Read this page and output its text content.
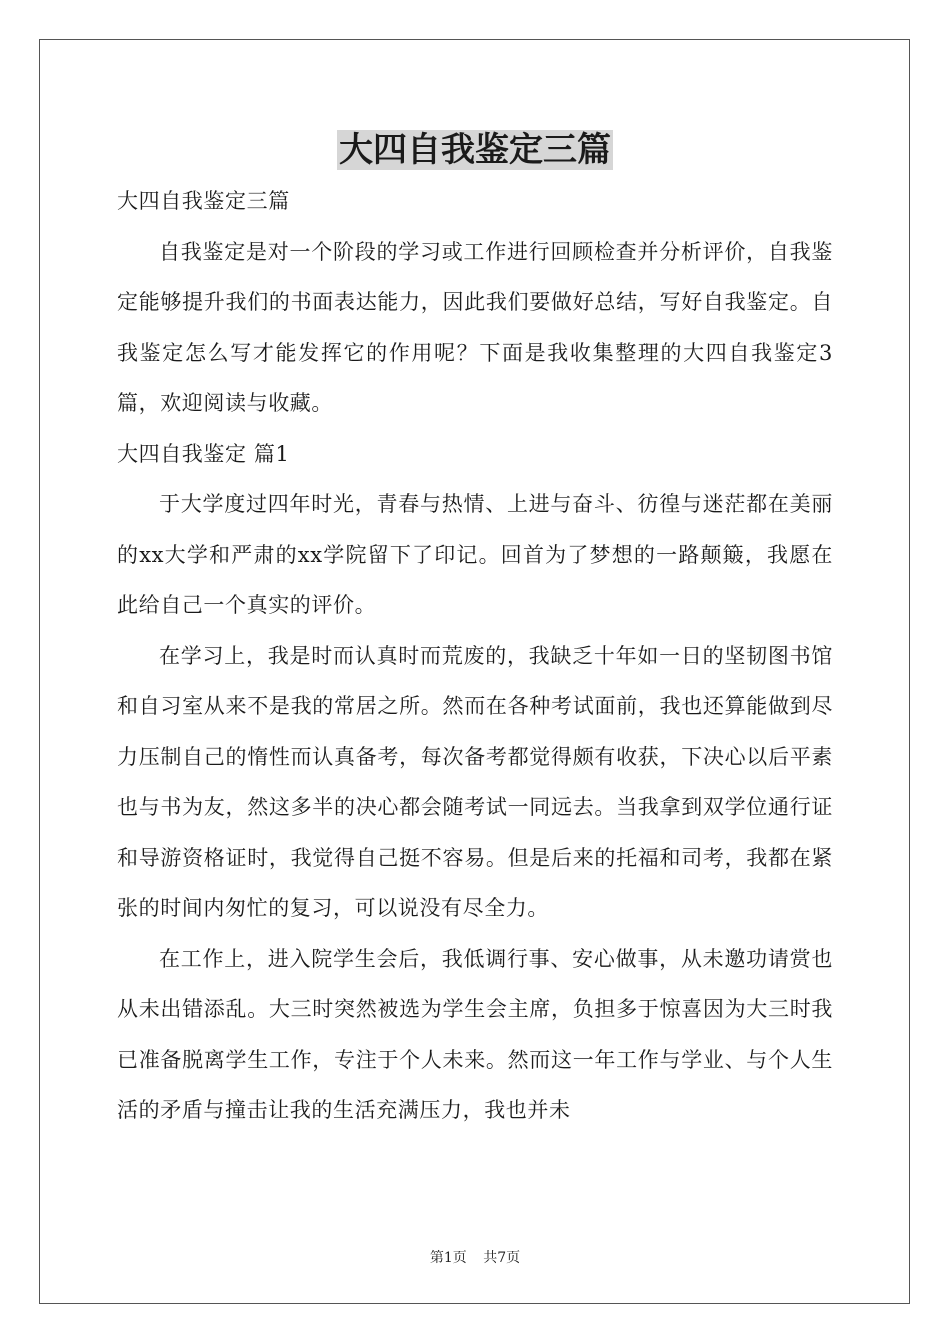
大四自我鉴定三篇

大四自我鉴定三篇

自我鉴定是对一个阶段的学习或工作进行回顾检查并分析评价，自我鉴定能够提升我们的书面表达能力，因此我们要做好总结，写好自我鉴定。自我鉴定怎么写才能发挥它的作用呢？下面是我收集整理的大四自我鉴定3篇，欢迎阅读与收藏。

大四自我鉴定 篇1

于大学度过四年时光，青春与热情、上进与奋斗、彷徨与迷茫都在美丽的xx大学和严肃的xx学院留下了印记。回首为了梦想的一路颠簸，我愿在此给自己一个真实的评价。

在学习上，我是时而认真时而荒废的，我缺乏十年如一日的坚韧图书馆和自习室从来不是我的常居之所。然而在各种考试面前，我也还算能做到尽力压制自己的惰性而认真备考，每次备考都觉得颇有收获，下决心以后平素也与书为友，然这多半的决心都会随考试一同远去。当我拿到双学位通行证和导游资格证时，我觉得自己挺不容易。但是后来的托福和司考，我都在紧张的时间内匆忙的复习，可以说没有尽全力。

在工作上，进入院学生会后，我低调行事、安心做事，从未邀功请赏也从未出错添乱。大三时突然被选为学生会主席，负担多于惊喜因为大三时我已准备脱离学生工作，专注于个人未来。然而这一年工作与学业、与个人生活的矛盾与撞击让我的生活充满压力，我也并未

第1页 共7页
